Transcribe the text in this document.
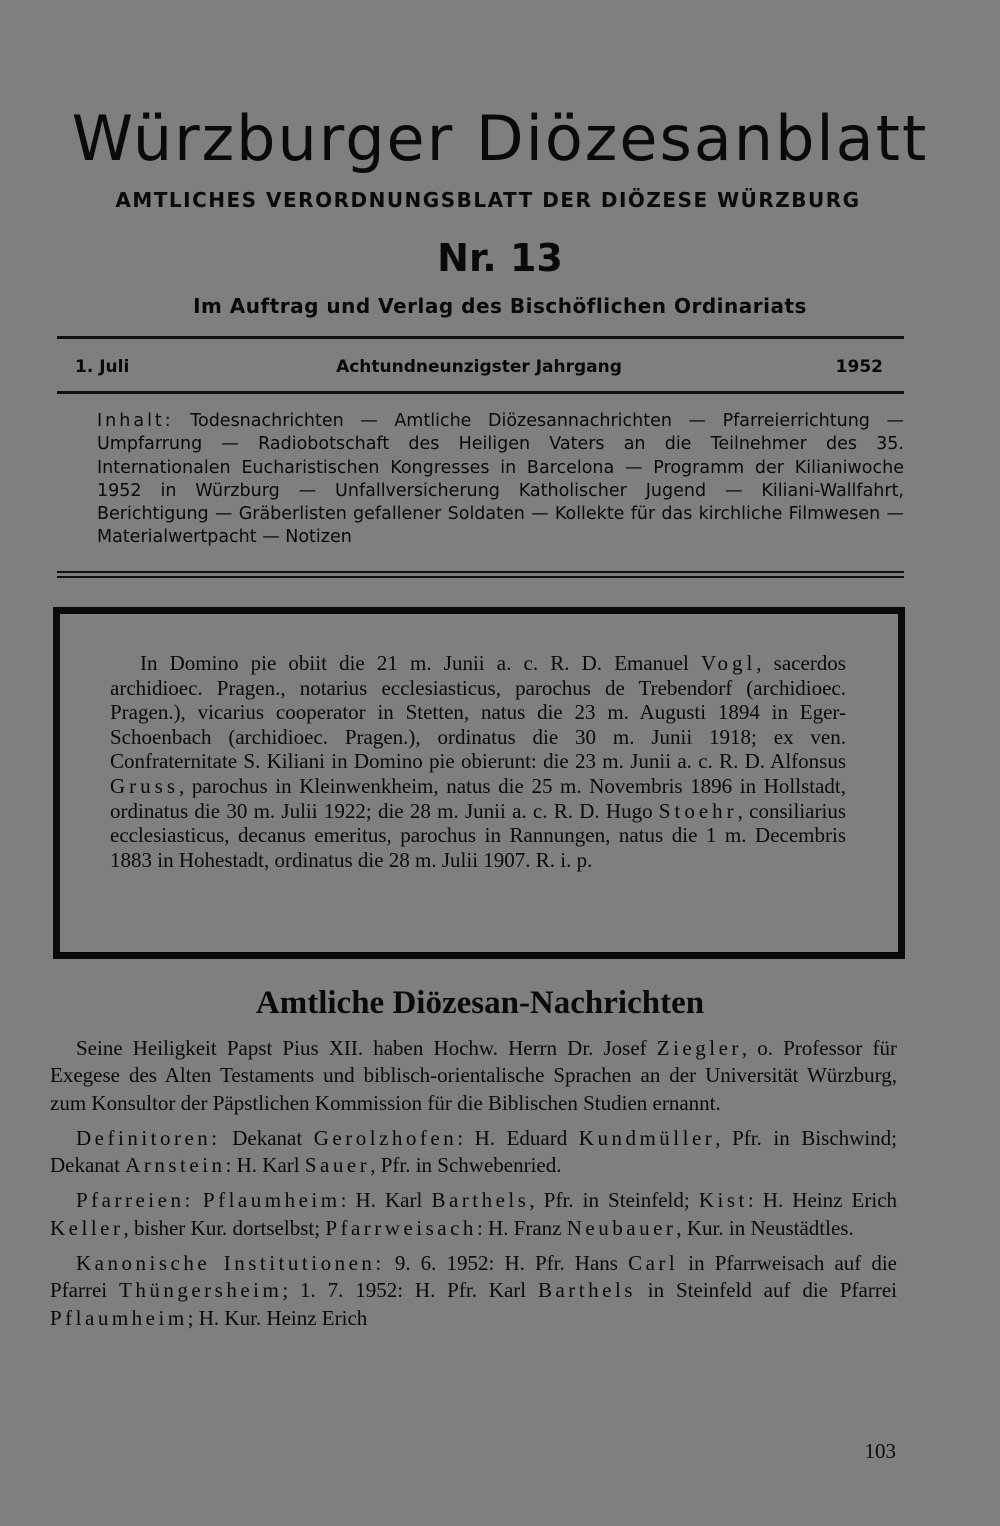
Würzburger Diözesanblatt
AMTLICHES VERORDNUNGSBLATT DER DIÖZESE WÜRZBURG
Nr. 13
Im Auftrag und Verlag des Bischöflichen Ordinariats
1. Juli	Achtundneunzigster Jahrgang	1952
Inhalt: Todesnachrichten — Amtliche Diözesannachrichten — Pfarreierrichtung — Umpfarrung — Radiobotschaft des Heiligen Vaters an die Teilnehmer des 35. Internationalen Eucharistischen Kongresses in Barcelona — Programm der Kilianiwoche 1952 in Würzburg — Unfallversicherung Katholischer Jugend — Kiliani-Wallfahrt, Berichtigung — Gräberlisten gefallener Soldaten — Kollekte für das kirchliche Filmwesen — Materialwertpacht — Notizen

In Domino pie obiit die 21 m. Junii a. c. R. D. Emanuel Vogl, sacerdos archidioec. Pragen., notarius ecclesiasticus, parochus de Trebendorf (archidioec. Pragen.), vicarius cooperator in Stetten, natus die 23 m. Augusti 1894 in Eger-Schoenbach (archidioec. Pragen.), ordinatus die 30 m. Junii 1918; ex ven. Confraternitate S. Kiliani in Domino pie obierunt: die 23 m. Junii a. c. R. D. Alfonsus Gruss, parochus in Kleinwenkheim, natus die 25 m. Novembris 1896 in Hollstadt, ordinatus die 30 m. Julii 1922; die 28 m. Junii a. c. R. D. Hugo Stoehr, consiliarius ecclesiasticus, decanus emeritus, parochus in Rannungen, natus die 1 m. Decembris 1883 in Hohestadt, ordinatus die 28 m. Julii 1907. R. i. p.

Amtliche Diözesan-Nachrichten

Seine Heiligkeit Papst Pius XII. haben Hochw. Herrn Dr. Josef Ziegler, o. Professor für Exegese des Alten Testaments und biblisch-orientalische Sprachen an der Universität Würzburg, zum Konsultor der Päpstlichen Kommission für die Biblischen Studien ernannt.

Definitoren: Dekanat Gerolzhofen: H. Eduard Kundmüller, Pfr. in Bischwind; Dekanat Arnstein: H. Karl Sauer, Pfr. in Schwebenried.

Pfarreien: Pflaumheim: H. Karl Barthels, Pfr. in Steinfeld; Kist: H. Heinz Erich Keller, bisher Kur. dortselbst; Pfarrweisach: H. Franz Neubauer, Kur. in Neustädtles.

Kanonische Institutionen: 9. 6. 1952: H. Pfr. Hans Carl in Pfarrweisach auf die Pfarrei Thüngersheim; 1. 7. 1952: H. Pfr. Karl Barthels in Steinfeld auf die Pfarrei Pflaumheim; H. Kur. Heinz Erich

103
